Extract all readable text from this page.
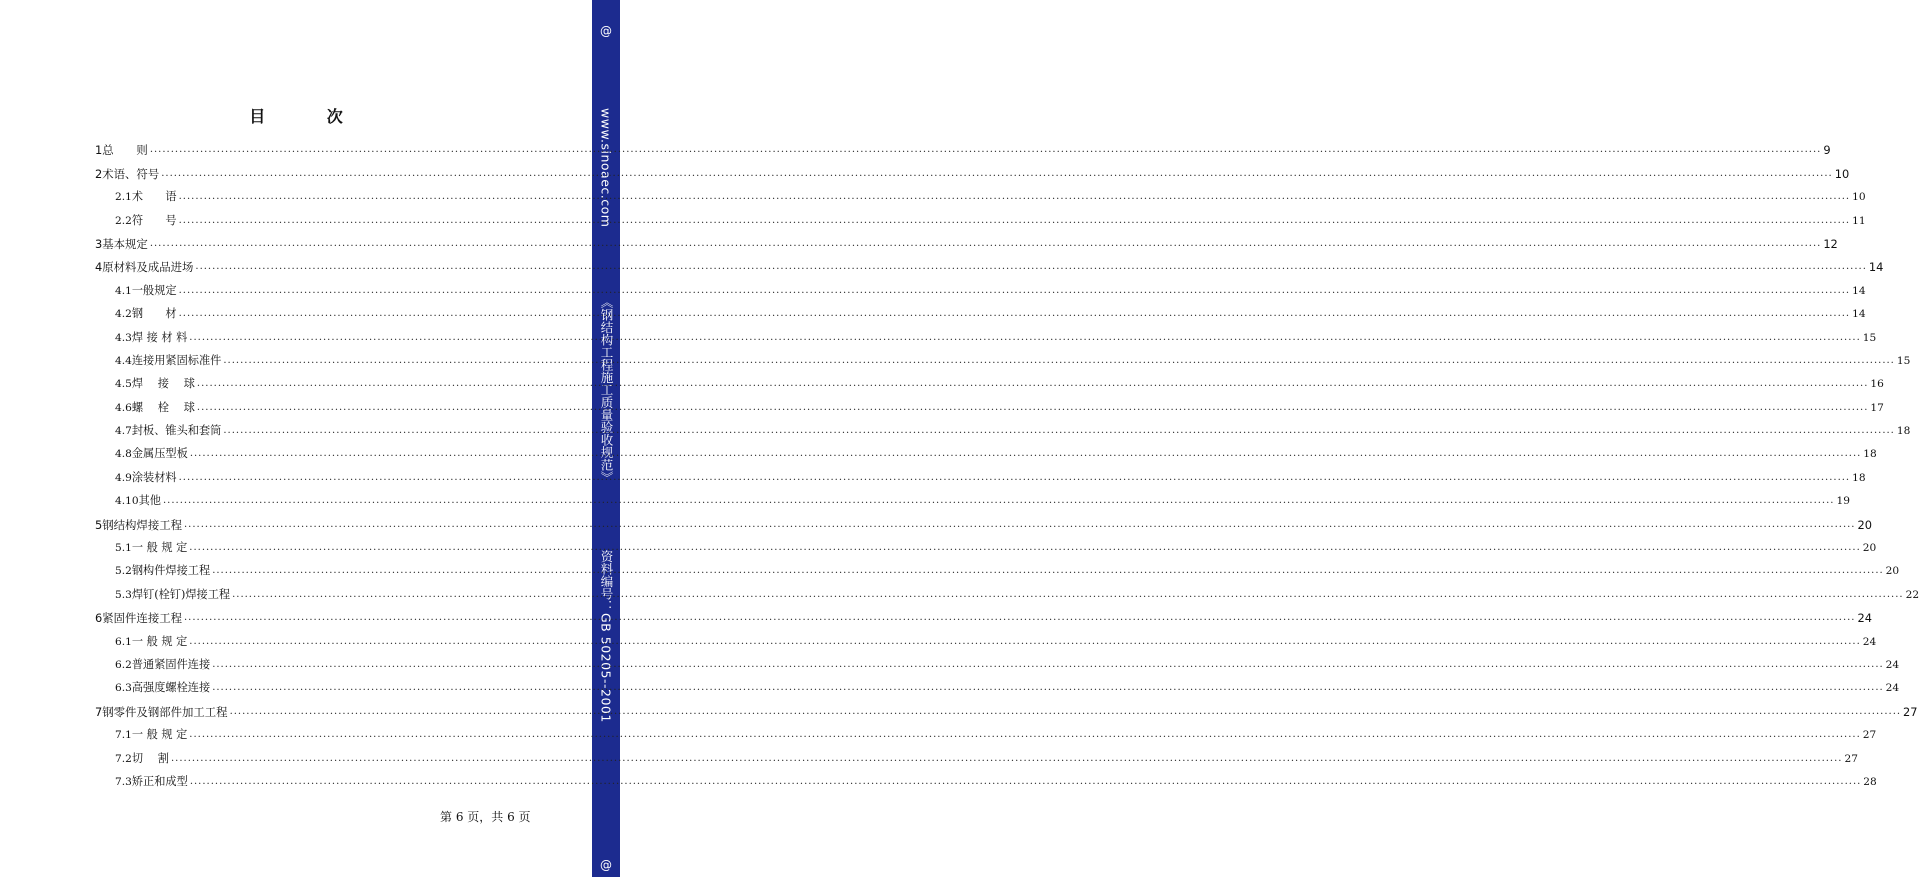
@
www.sinoaec.com
《钢结构工程施工质量验收规范》
资料编号：
GB 50205--2001
@
目 次
1 总　　则 ................................................................................................................................................................................................................................................................................................................................................................................................................ 9
2 术语、符号 ................................................................................................................................................................................................................................................................................................................................................................................................................ 10
2.1 术　　语 ................................................................................................................................................................................................................................................................................................................................................................................................................ 10
2.2 符　　号 ................................................................................................................................................................................................................................................................................................................................................................................................................ 11
3 基本规定 ................................................................................................................................................................................................................................................................................................................................................................................................................ 12
4 原材料及成品进场 ................................................................................................................................................................................................................................................................................................................................................................................................................ 14
4.1 一般规定 ................................................................................................................................................................................................................................................................................................................................................................................................................ 14
4.2 钢　　材 ................................................................................................................................................................................................................................................................................................................................................................................................................ 14
4.3 焊 接 材 料 ................................................................................................................................................................................................................................................................................................................................................................................................................ 15
4.4 连接用紧固标准件 ................................................................................................................................................................................................................................................................................................................................................................................................................ 15
4.5 焊　 接　 球 ................................................................................................................................................................................................................................................................................................................................................................................................................ 16
4.6 螺　 栓　 球 ................................................................................................................................................................................................................................................................................................................................................................................................................ 17
4.7 封板、锥头和套筒 ................................................................................................................................................................................................................................................................................................................................................................................................................ 18
4.8 金属压型板 ................................................................................................................................................................................................................................................................................................................................................................................................................ 18
4.9 涂装材料 ................................................................................................................................................................................................................................................................................................................................................................................................................ 18
4.10 其他 ................................................................................................................................................................................................................................................................................................................................................................................................................ 19
5 钢结构焊接工程 ................................................................................................................................................................................................................................................................................................................................................................................................................ 20
5.1 一 般 规 定 ................................................................................................................................................................................................................................................................................................................................................................................................................ 20
5.2 钢构件焊接工程 ................................................................................................................................................................................................................................................................................................................................................................................................................ 20
5.3 焊钉(栓钉)焊接工程 ................................................................................................................................................................................................................................................................................................................................................................................................................ 22
6 紧固件连接工程 ................................................................................................................................................................................................................................................................................................................................................................................................................ 24
6.1 一 般 规 定 ................................................................................................................................................................................................................................................................................................................................................................................................................ 24
6.2 普通紧固件连接 ................................................................................................................................................................................................................................................................................................................................................................................................................ 24
6.3 高强度螺栓连接 ................................................................................................................................................................................................................................................................................................................................................................................................................ 24
7 钢零件及钢部件加工工程 ................................................................................................................................................................................................................................................................................................................................................................................................................ 27
7.1 一 般 规 定 ................................................................................................................................................................................................................................................................................................................................................................................................................ 27
7.2 切　 割 ................................................................................................................................................................................................................................................................................................................................................................................................................ 27
7.3 矫正和成型 ................................................................................................................................................................................................................................................................................................................................................................................................................ 28
第 6 页，共 6 页
